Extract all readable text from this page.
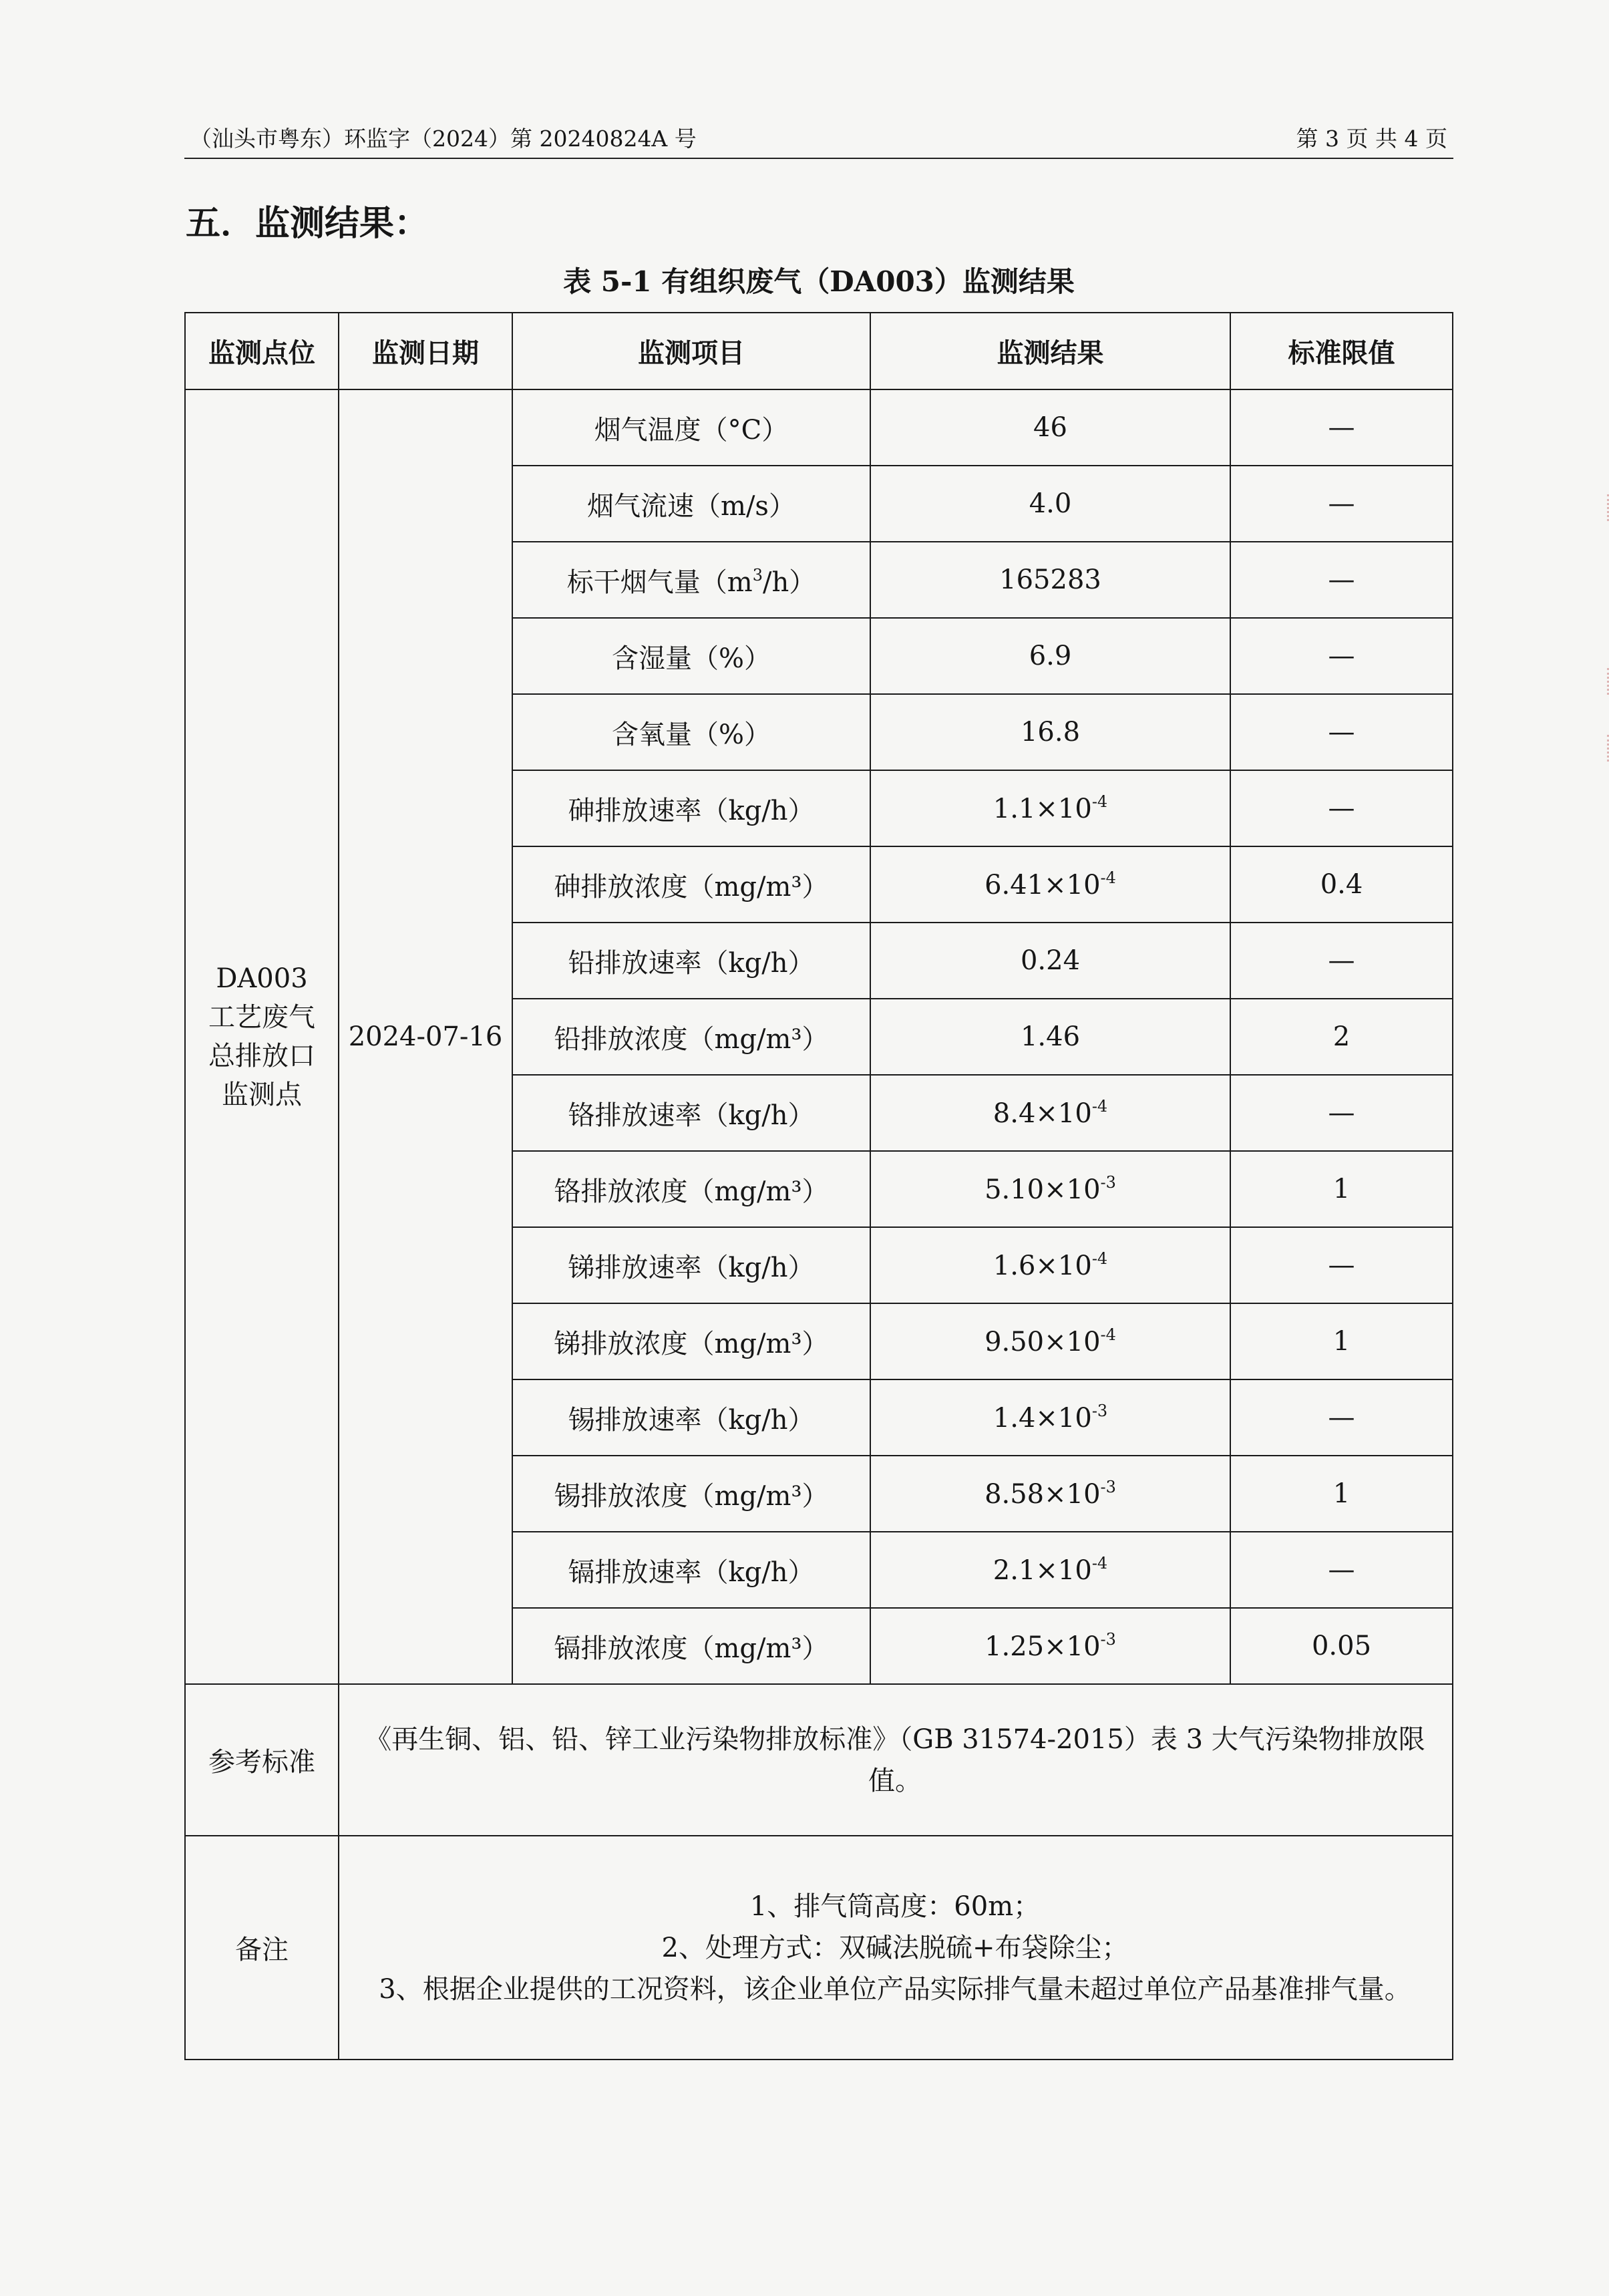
（汕头市粤东）环监字（2024）第 20240824A 号	第 3 页 共 4 页
五．监测结果：
表 5-1 有组织废气（DA003）监测结果
监测点位	监测日期	监测项目	监测结果	标准限值

DA003
工艺废气
总排放口
监测点	2024-07-16	烟气温度（°C）	46	—
		烟气流速（m/s）	4.0	—
		标干烟气量$(m^3/h)$	165283	—
		含湿量（%）	6.9	—
		含氧量（%）	16.8	—
		砷排放速率（kg/h）	$1.1\times 10^{-4}$	—
		砷排放浓度（mg/m³）	$6.41\times 10^{-4}$	0.4
		铅排放速率（kg/h）	0.24	—
		铅排放浓度（mg/m³）	1.46	2
		铬排放速率（kg/h）	$8.4\times 10^{-4}$	—
		铬排放浓度（mg/m³）	$5.10\times 10^{-3}$	1
		锑排放速率（kg/h）	$1.6\times 10^{-4}$	—
		锑排放浓度（mg/m³）	$9.50\times 10^{-4}$	1
		锡排放速率（kg/h）	$1.4\times 10^{-3}$	—
		锡排放浓度（mg/m³）	$8.58\times 10^{-3}$	1
		镉排放速率（kg/h）	$2.1\times 10^{-4}$	—
		镉排放浓度（mg/m³）	$1.25\times 10^{-3}$	0.05
参考标准	《再生铜、铝、铅、锌工业污染物排放标准》（GB 31574-2015）表 3 大气污染物排放限值。			
备注	1、排气筒高度：60m；
2、处理方式：双碱法脱硫+布袋除尘；
3、根据企业提供的工况资料，该企业单位产品实际排气量未超过单位产品基准排气量。			
